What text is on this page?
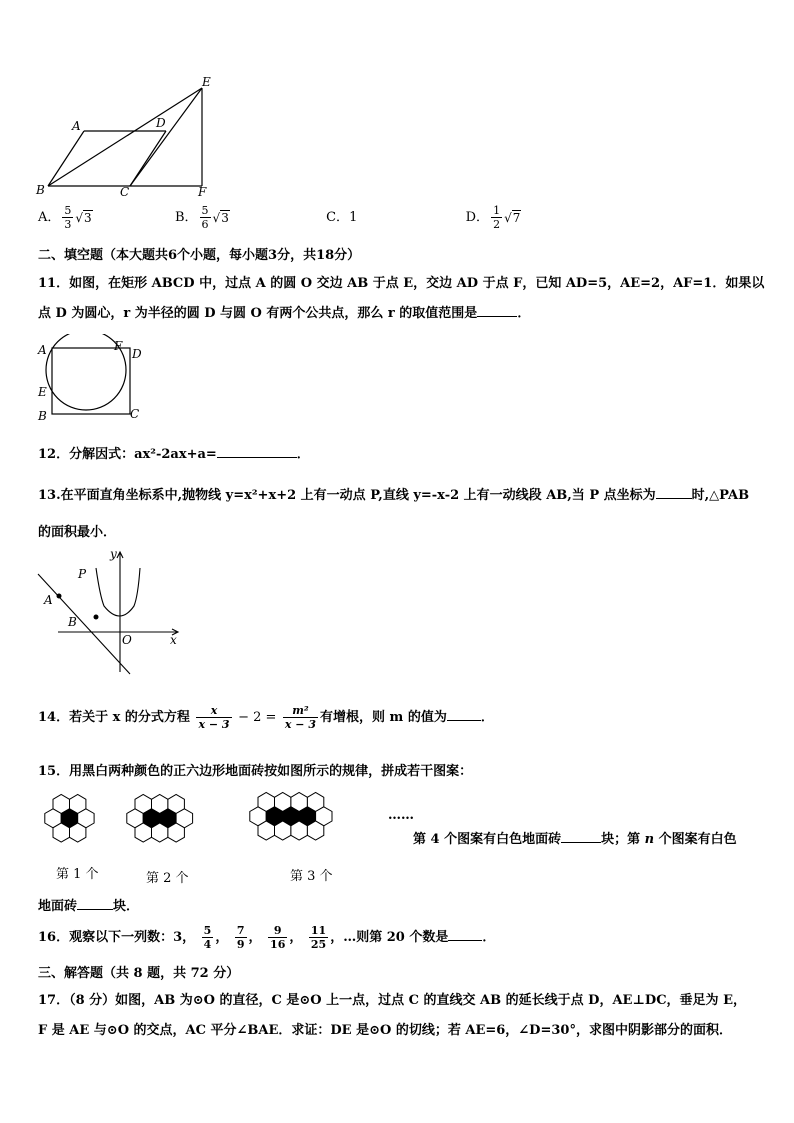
A	D
E
B	C	F
A． $\frac{5}{3} √3$	B． $\frac{5}{6} √3$	C．1	D． $\frac{1}{2} √7$
二、填空题（本大题共6个小题，每小题3分，共18分）
11．如图，在矩形 ABCD 中，过点 A 的圆 O 交边 AB 于点 E，交边 AD 于点 F，已知 AD=5，AE=2，AF=1．如果以
点 D 为圆心，r 为半径的圆 D 与圆 O 有两个公共点，那么 r 的取值范围是	．
A	F
D
E
B	C
12．分解因式：ax²-2ax+a=	．
13.在平面直角坐标系中,抛物线 y=x²+x+2 上有一动点 P,直线 y=-x-2 上有一动线段 AB,当 P 点坐标为	时,△PAB
的面积最小．
y
P
A
B
O	x
14．若关于 x 的分式方程 $\frac{x}{x - 3} - 2 = \frac{\text{m²}}{x - 3}$ 有增根，则 m 的值为	．
15．用黑白两种颜色的正六边形地面砖按如图所示的规律，拼成若干图案：
第 1 个	第 2 个	第 3 个
……
第 4 个图案有白色地面砖	块；第 n 个图案有白色
地面砖	块．
16．观察以下一列数：3， $\frac{5}{4}$ ， $\frac{7}{9}$ ， $\frac{9}{16}$ ， $\frac{11}{25}$ ，…则第 20 个数是	．
三、解答题（共 8 题，共 72 分）
17．（8 分）如图，AB 为⊙O 的直径，C 是⊙O 上一点，过点 C 的直线交 AB 的延长线于点 D，AE⊥DC，垂足为 E，
F 是 AE 与⊙O 的交点，AC 平分∠BAE．求证：DE 是⊙O 的切线；若 AE=6，∠D=30°，求图中阴影部分的面积．
